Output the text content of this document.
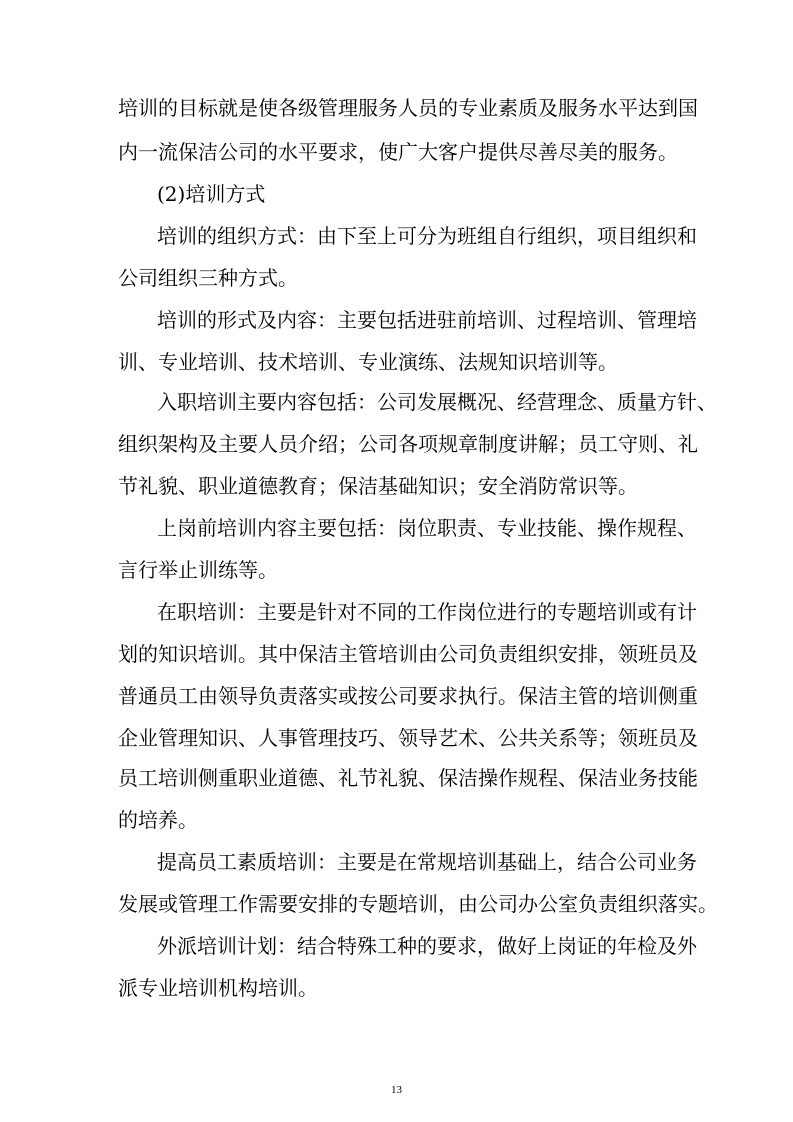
培训的目标就是使各级管理服务人员的专业素质及服务水平达到国
内一流保洁公司的水平要求，使广大客户提供尽善尽美的服务。
(2)培训方式
培训的组织方式：由下至上可分为班组自行组织，项目组织和
公司组织三种方式。
培训的形式及内容：主要包括进驻前培训、过程培训、管理培
训、专业培训、技术培训、专业演练、法规知识培训等。
入职培训主要内容包括：公司发展概况、经营理念、质量方针、
组织架构及主要人员介绍；公司各项规章制度讲解；员工守则、礼
节礼貌、职业道德教育；保洁基础知识；安全消防常识等。
上岗前培训内容主要包括：岗位职责、专业技能、操作规程、
言行举止训练等。
在职培训：主要是针对不同的工作岗位进行的专题培训或有计
划的知识培训。其中保洁主管培训由公司负责组织安排，领班员及
普通员工由领导负责落实或按公司要求执行。保洁主管的培训侧重
企业管理知识、人事管理技巧、领导艺术、公共关系等；领班员及
员工培训侧重职业道德、礼节礼貌、保洁操作规程、保洁业务技能
的培养。
提高员工素质培训：主要是在常规培训基础上，结合公司业务
发展或管理工作需要安排的专题培训，由公司办公室负责组织落实。
外派培训计划：结合特殊工种的要求，做好上岗证的年检及外
派专业培训机构培训。
13
